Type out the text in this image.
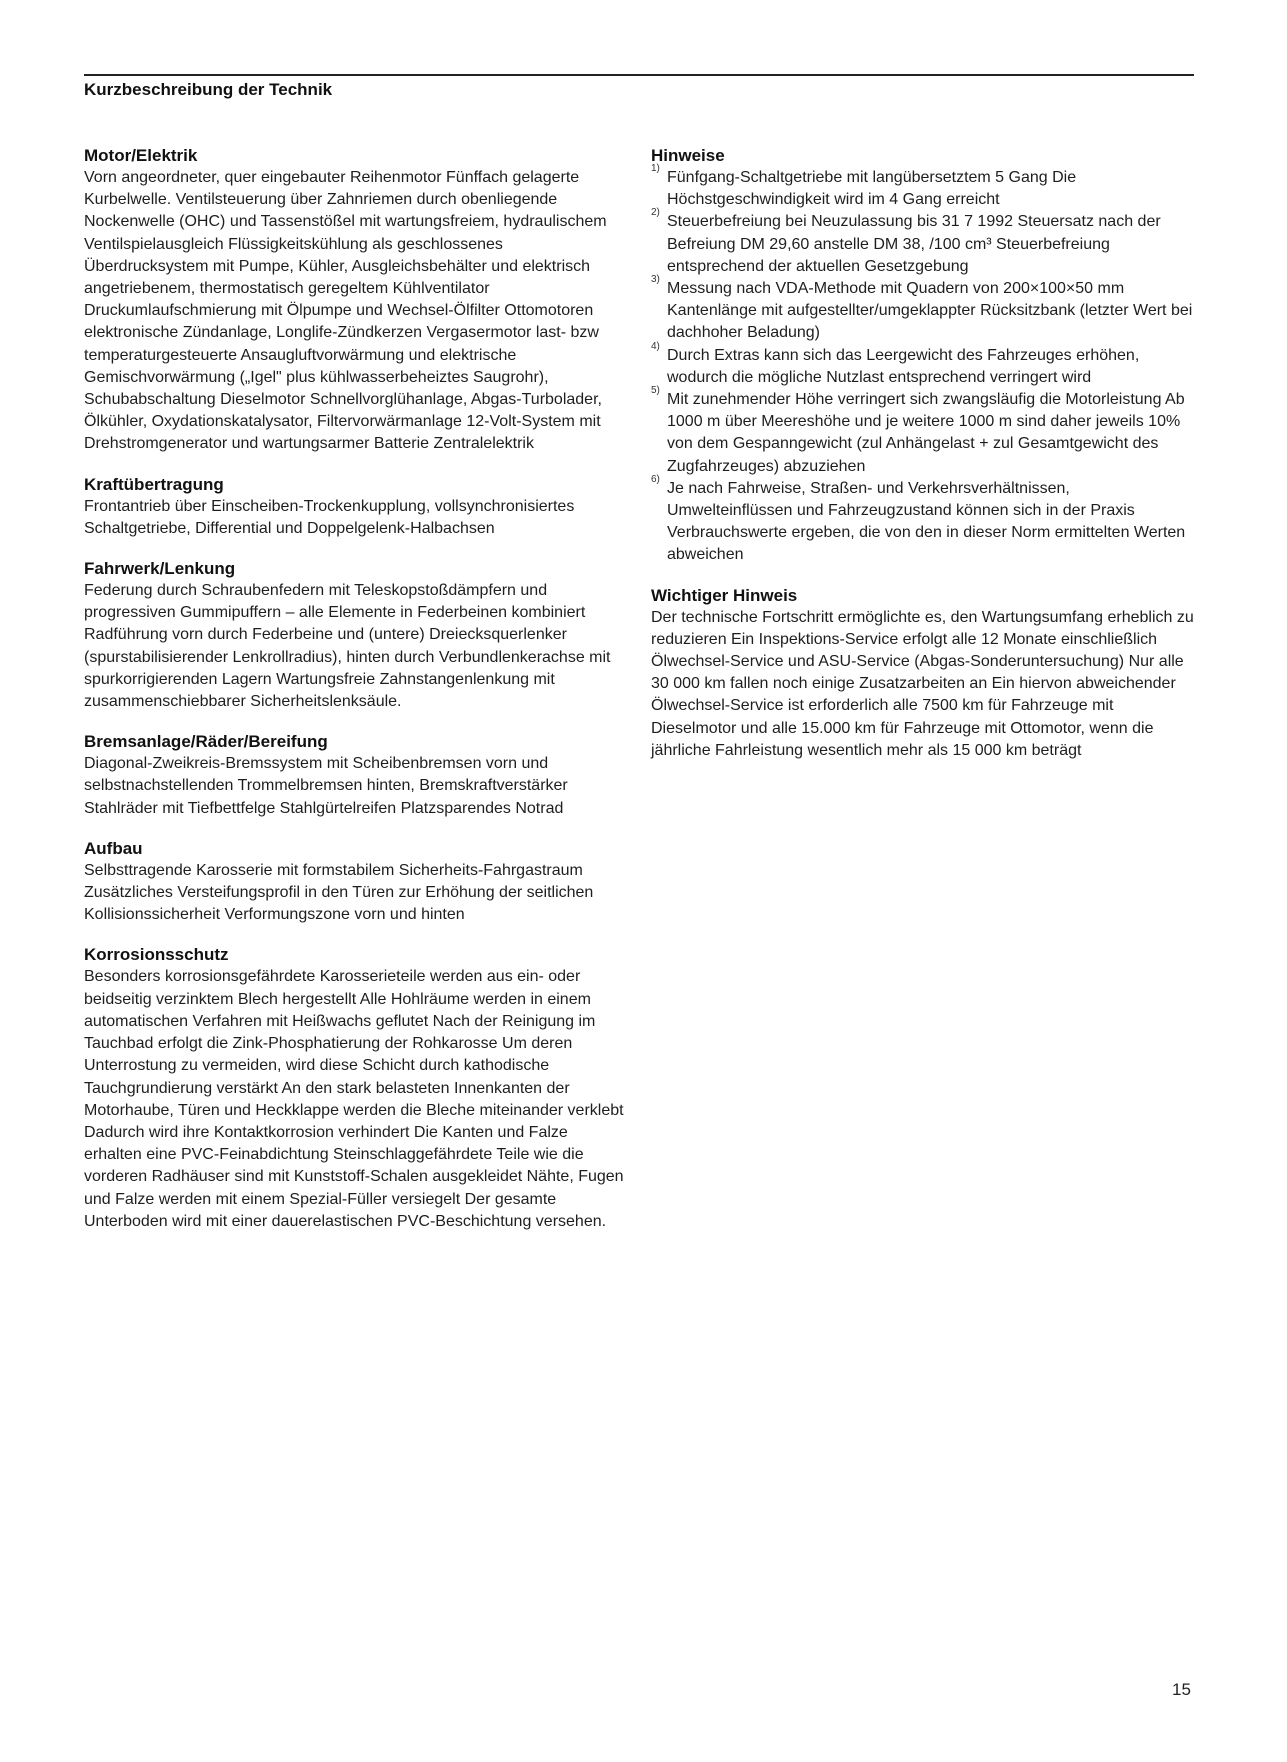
Kurzbeschreibung der Technik
Motor/Elektrik

Vorn angeordneter, quer eingebauter Reihenmotor Fünffach gelagerte Kurbelwelle. Ventilsteuerung über Zahnriemen durch obenliegende Nockenwelle (OHC) und Tassenstößel mit wartungsfreiem, hydraulischem Ventilspielausgleich Flüssigkeitskühlung als geschlossenes Überdrucksystem mit Pumpe, Kühler, Ausgleichsbehälter und elektrisch angetriebenem, thermostatisch geregeltem Kühlventilator Druckumlaufschmierung mit Ölpumpe und Wechsel-Ölfilter Ottomotoren elektronische Zündanlage, Longlife-Zündkerzen Vergasermotor last- bzw temperaturgesteuerte Ansaugluftvorwärmung und elektrische Gemischvorwärmung („Igel" plus kühlwasserbeheiztes Saugrohr), Schubabschaltung Dieselmotor Schnellvorglühanlage, Abgas-Turbolader, Ölkühler, Oxydationskatalysator, Filtervorwärmanlage 12-Volt-System mit Drehstromgenerator und wartungsarmer Batterie Zentralelektrik

Kraftübertragung

Frontantrieb über Einscheiben-Trockenkupplung, vollsynchronisiertes Schaltgetriebe, Differential und Doppelgelenk-Halbachsen

Fahrwerk/Lenkung

Federung durch Schraubenfedern mit Teleskopstoßdämpfern und progressiven Gummipuffern – alle Elemente in Federbeinen kombiniert Radführung vorn durch Federbeine und (untere) Dreiecksquerlenker (spurstabilisierender Lenkrollradius), hinten durch Verbundlenkerachse mit spurkorrigierenden Lagern Wartungsfreie Zahnstangenlenkung mit zusammenschiebbarer Sicherheitslenksäule.

Bremsanlage/Räder/Bereifung

Diagonal-Zweikreis-Bremssystem mit Scheibenbremsen vorn und selbstnachstellenden Trommelbremsen hinten, Bremskraftverstärker Stahlräder mit Tiefbettfelge Stahlgürtelreifen Platzsparendes Notrad

Aufbau

Selbsttragende Karosserie mit formstabilem Sicherheits-Fahrgastraum Zusätzliches Versteifungsprofil in den Türen zur Erhöhung der seitlichen Kollisionssicherheit Verformungszone vorn und hinten

Korrosionsschutz

Besonders korrosionsgefährdete Karosserieteile werden aus ein- oder beidseitig verzinktem Blech hergestellt Alle Hohlräume werden in einem automatischen Verfahren mit Heißwachs geflutet Nach der Reinigung im Tauchbad erfolgt die Zink-Phosphatierung der Rohkarosse Um deren Unterrostung zu vermeiden, wird diese Schicht durch kathodische Tauchgrundierung verstärkt An den stark belasteten Innenkanten der Motorhaube, Türen und Heckklappe werden die Bleche miteinander verklebt Dadurch wird ihre Kontaktkorrosion verhindert Die Kanten und Falze erhalten eine PVC-Feinabdichtung Steinschlaggefährdete Teile wie die vorderen Radhäuser sind mit Kunststoff-Schalen ausgekleidet Nähte, Fugen und Falze werden mit einem Spezial-Füller versiegelt Der gesamte Unterboden wird mit einer dauerelastischen PVC-Beschichtung versehen.

Hinweise
1)
Fünfgang-Schaltgetriebe mit langübersetztem 5 Gang Die Höchstgeschwindigkeit wird im 4 Gang erreicht
2)
Steuerbefreiung bei Neuzulassung bis 31 7 1992 Steuersatz nach der Befreiung DM 29,60 anstelle DM 38, /100 cm³ Steuerbefreiung entsprechend der aktuellen Gesetzgebung
3)
Messung nach VDA-Methode mit Quadern von 200×100×50 mm Kantenlänge mit aufgestellter/umgeklappter Rücksitzbank (letzter Wert bei dachhoher Beladung)
4)
Durch Extras kann sich das Leergewicht des Fahrzeuges erhöhen, wodurch die mögliche Nutzlast entsprechend verringert wird
5)
Mit zunehmender Höhe verringert sich zwangsläufig die Motorleistung Ab 1000 m über Meereshöhe und je weitere 1000 m sind daher jeweils 10% von dem Gespanngewicht (zul Anhängelast + zul Gesamtgewicht des Zugfahrzeuges) abzuziehen
6)
Je nach Fahrweise, Straßen- und Verkehrsverhältnissen, Umwelteinflüssen und Fahrzeugzustand können sich in der Praxis Verbrauchswerte ergeben, die von den in dieser Norm ermittelten Werten abweichen
Wichtiger Hinweis

Der technische Fortschritt ermöglichte es, den Wartungsumfang erheblich zu reduzieren Ein Inspektions-Service erfolgt alle 12 Monate einschließlich Ölwechsel-Service und ASU-Service (Abgas-Sonderuntersuchung) Nur alle 30 000 km fallen noch einige Zusatzarbeiten an Ein hiervon abweichender Ölwechsel-Service ist erforderlich alle 7500 km für Fahrzeuge mit Dieselmotor und alle 15.000 km für Fahrzeuge mit Ottomotor, wenn die jährliche Fahrleistung wesentlich mehr als 15 000 km beträgt

15
